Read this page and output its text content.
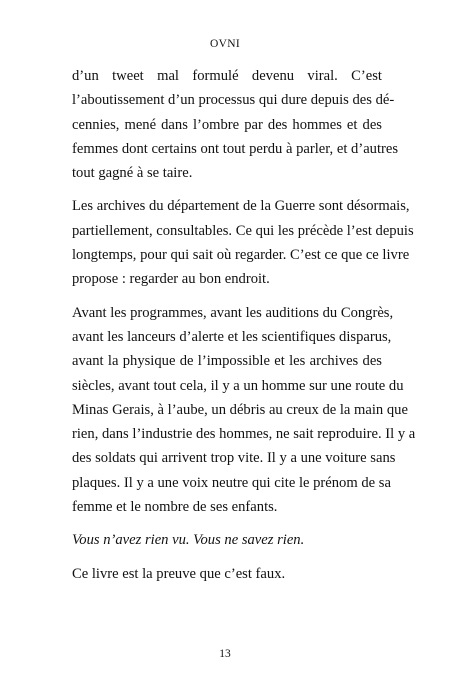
OVNI
d’un tweet mal formulé devenu viral. C’est
l’aboutissement d’un processus qui dure depuis des dé-
cennies, mené dans l’ombre par des hommes et des
femmes dont certains ont tout perdu à parler, et d’autres
tout gagné à se taire.
Les archives du département de la Guerre sont désormais,
partiellement, consultables. Ce qui les précède l’est depuis
longtemps, pour qui sait où regarder. C’est ce que ce livre
propose : regarder au bon endroit.
Avant les programmes, avant les auditions du Congrès,
avant les lanceurs d’alerte et les scientifiques disparus,
avant la physique de l’impossible et les archives des
siècles, avant tout cela, il y a un homme sur une route du
Minas Gerais, à l’aube, un débris au creux de la main que
rien, dans l’industrie des hommes, ne sait reproduire. Il y a
des soldats qui arrivent trop vite. Il y a une voiture sans
plaques. Il y a une voix neutre qui cite le prénom de sa
femme et le nombre de ses enfants.
Vous n’avez rien vu. Vous ne savez rien.
Ce livre est la preuve que c’est faux.
13
